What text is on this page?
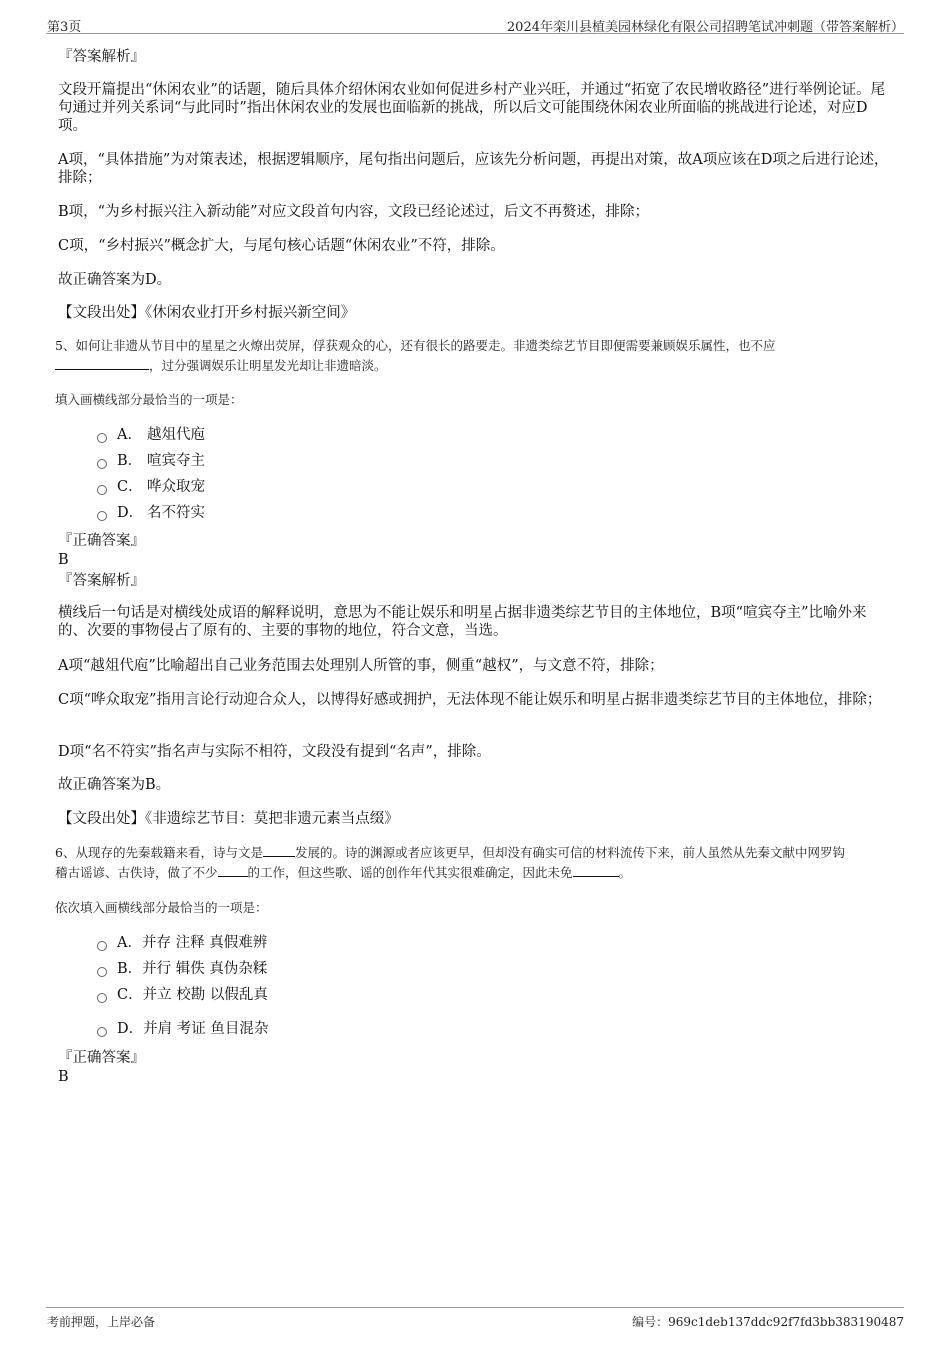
第3页	2024年栾川县植美园林绿化有限公司招聘笔试冲刺题（带答案解析）
『答案解析』
文段开篇提出“休闲农业”的话题，随后具体介绍休闲农业如何促进乡村产业兴旺，并通过“拓宽了农民增收路径”进行举例论证。尾句通过并列关系词“与此同时”指出休闲农业的发展也面临新的挑战，所以后文可能围绕休闲农业所面临的挑战进行论述，对应D项。
A项，“具体措施”为对策表述，根据逻辑顺序，尾句指出问题后，应该先分析问题，再提出对策，故A项应该在D项之后进行论述，排除；
B项，“为乡村振兴注入新动能”对应文段首句内容，文段已经论述过，后文不再赘述，排除；
C项，“乡村振兴”概念扩大，与尾句核心话题“休闲农业”不符，排除。
故正确答案为D。
【文段出处】《休闲农业打开乡村振兴新空间》
5、如何让非遗从节目中的星星之火燎出荧屏，俘获观众的心，还有很长的路要走。非遗类综艺节目即便需要兼顾娱乐属性，也不应
，过分强调娱乐让明星发光却让非遗暗淡。
填入画横线部分最恰当的一项是：
A． 越俎代庖
B． 喧宾夺主
C． 哗众取宠
D． 名不符实
『正确答案』
B
『答案解析』
横线后一句话是对横线处成语的解释说明，意思为不能让娱乐和明星占据非遗类综艺节目的主体地位，B项“喧宾夺主”比喻外来的、次要的事物侵占了原有的、主要的事物的地位，符合文意，当选。
A项“越俎代庖”比喻超出自己业务范围去处理别人所管的事，侧重“越权”，与文意不符，排除；
C项“哗众取宠”指用言论行动迎合众人，以博得好感或拥护，无法体现不能让娱乐和明星占据非遗类综艺节目的主体地位，排除；
D项“名不符实”指名声与实际不相符，文段没有提到“名声”，排除。
故正确答案为B。
【文段出处】《非遗综艺节目：莫把非遗元素当点缀》
6、从现存的先秦载籍来看，诗与文是	发展的。诗的渊源或者应该更早，但却没有确实可信的材料流传下来，前人虽然从先秦文献中网罗钩
稽古谣谚、古佚诗，做了不少 的工作，但这些歌、谣的创作年代其实很难确定，因此未免	。
依次填入画横线部分最恰当的一项是：
A．并存 注释 真假难辨
B．并行 辑佚 真伪杂糅
C．并立 校勘 以假乱真
D．并肩 考证 鱼目混杂
『正确答案』
B
考前押题，上岸必备	编号：969c1deb137ddc92f7fd3bb383190487
